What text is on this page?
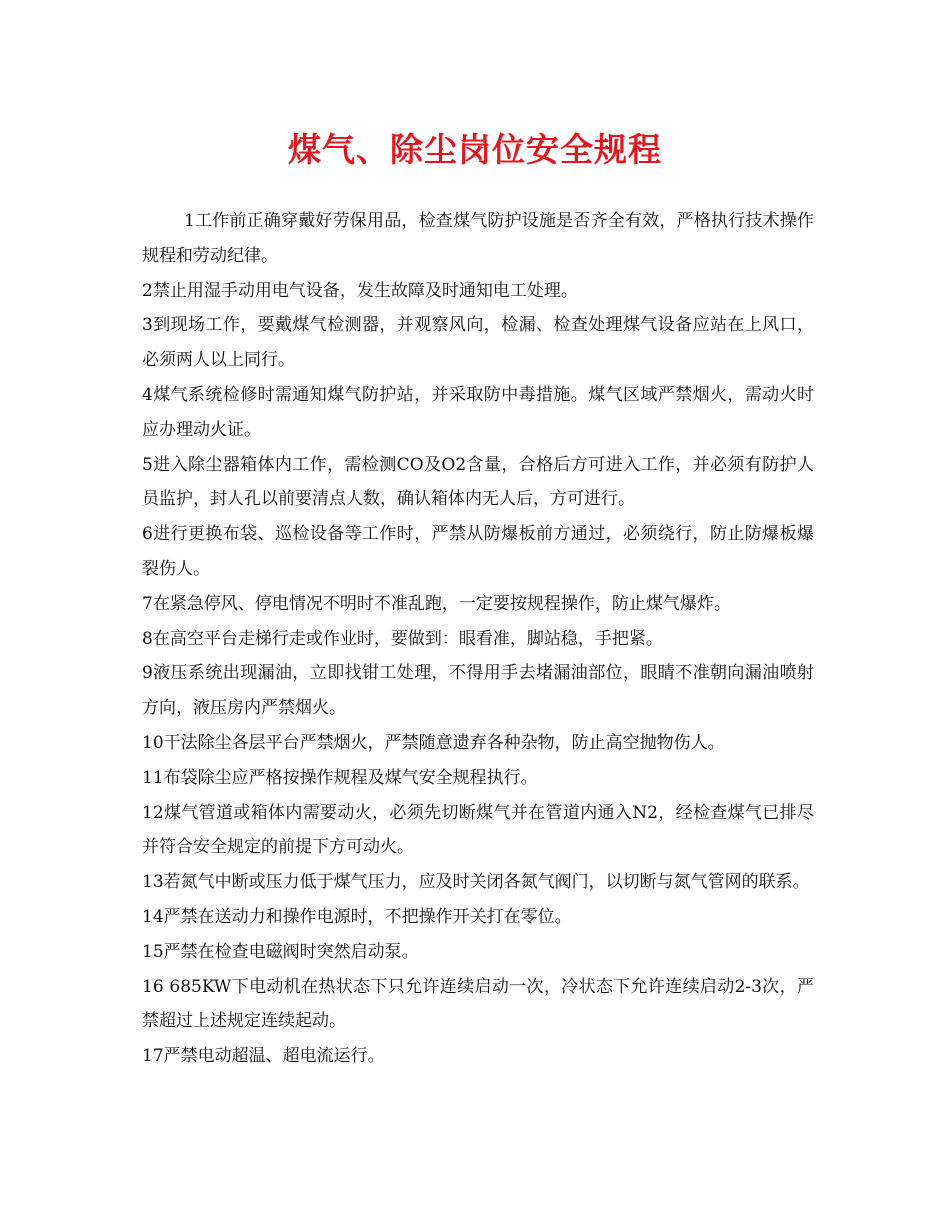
煤气、除尘岗位安全规程

1工作前正确穿戴好劳保用品，检查煤气防护设施是否齐全有效，严格执行技术操作规程和劳动纪律。

2禁止用湿手动用电气设备，发生故障及时通知电工处理。

3到现场工作，要戴煤气检测器，并观察风向，检漏、检查处理煤气设备应站在上风口，必须两人以上同行。

4煤气系统检修时需通知煤气防护站，并采取防中毒措施。煤气区域严禁烟火，需动火时应办理动火证。

5进入除尘器箱体内工作，需检测CO及O2含量，合格后方可进入工作，并必须有防护人员监护，封人孔以前要清点人数，确认箱体内无人后，方可进行。

6进行更换布袋、巡检设备等工作时，严禁从防爆板前方通过，必须绕行，防止防爆板爆裂伤人。

7在紧急停风、停电情况不明时不准乱跑，一定要按规程操作，防止煤气爆炸。

8在高空平台走梯行走或作业时，要做到：眼看准，脚站稳，手把紧。

9液压系统出现漏油，立即找钳工处理，不得用手去堵漏油部位，眼睛不准朝向漏油喷射方向，液压房内严禁烟火。

10干法除尘各层平台严禁烟火，严禁随意遗弃各种杂物，防止高空抛物伤人。

11布袋除尘应严格按操作规程及煤气安全规程执行。

12煤气管道或箱体内需要动火，必须先切断煤气并在管道内通入N2，经检查煤气已排尽并符合安全规定的前提下方可动火。

13若氮气中断或压力低于煤气压力，应及时关闭各氮气阀门，以切断与氮气管网的联系。

14严禁在送动力和操作电源时，不把操作开关打在零位。

15严禁在检查电磁阀时突然启动泵。

16 685KW下电动机在热状态下只允许连续启动一次，冷状态下允许连续启动2-3次，严禁超过上述规定连续起动。

17严禁电动超温、超电流运行。
